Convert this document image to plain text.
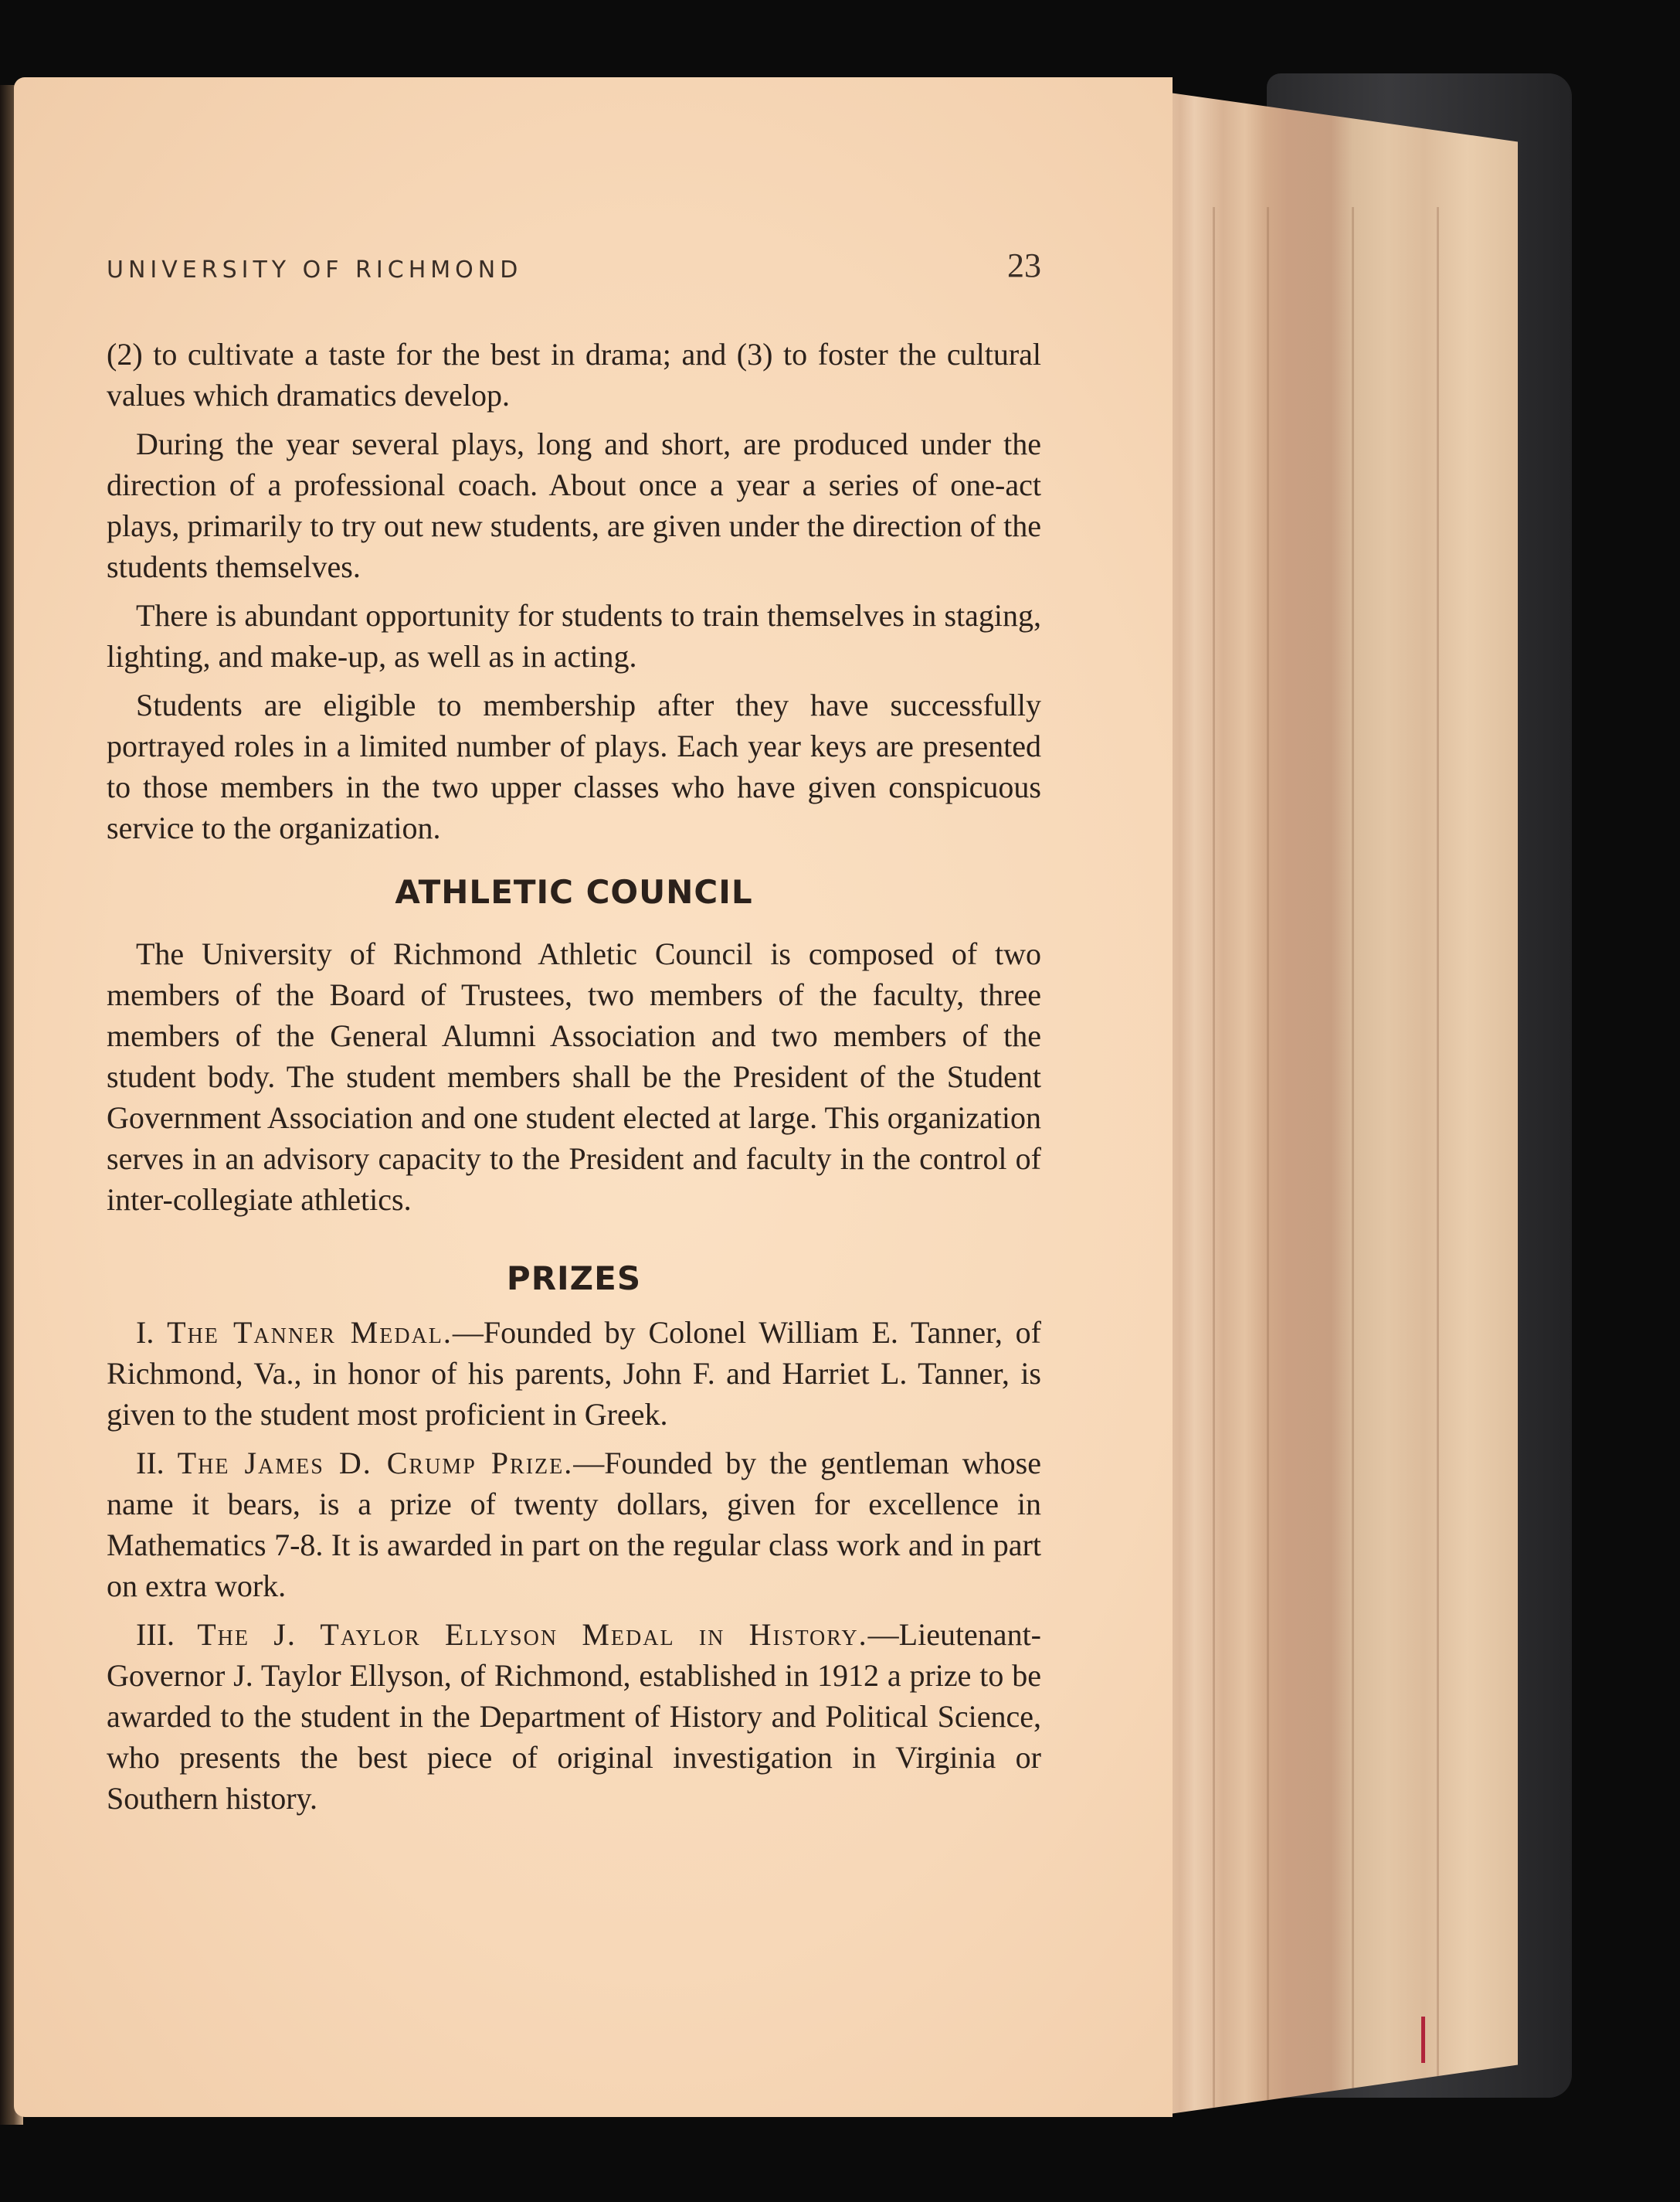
UNIVERSITY OF RICHMOND	23

(2) to cultivate a taste for the best in drama; and (3) to foster the cultural values which dramatics develop.

During the year several plays, long and short, are produced under the direction of a professional coach. About once a year a series of one-act plays, primarily to try out new students, are given under the direction of the students themselves.

There is abundant opportunity for students to train themselves in staging, lighting, and make-up, as well as in acting.

Students are eligible to membership after they have successfully portrayed roles in a limited number of plays. Each year keys are presented to those members in the two upper classes who have given conspicuous service to the organization.

ATHLETIC COUNCIL

The University of Richmond Athletic Council is composed of two members of the Board of Trustees, two members of the faculty, three members of the General Alumni Association and two members of the student body. The student members shall be the President of the Student Government Association and one student elected at large. This organization serves in an advisory capacity to the President and faculty in the control of inter-collegiate athletics.

PRIZES

I. The Tanner Medal.—Founded by Colonel William E. Tanner, of Richmond, Va., in honor of his parents, John F. and Harriet L. Tanner, is given to the student most proficient in Greek.

II. The James D. Crump Prize.—Founded by the gentleman whose name it bears, is a prize of twenty dollars, given for excellence in Mathematics 7-8. It is awarded in part on the regular class work and in part on extra work.

III. The J. Taylor Ellyson Medal in History.—Lieutenant-Governor J. Taylor Ellyson, of Richmond, established in 1912 a prize to be awarded to the student in the Department of History and Political Science, who presents the best piece of original investigation in Virginia or Southern history.
